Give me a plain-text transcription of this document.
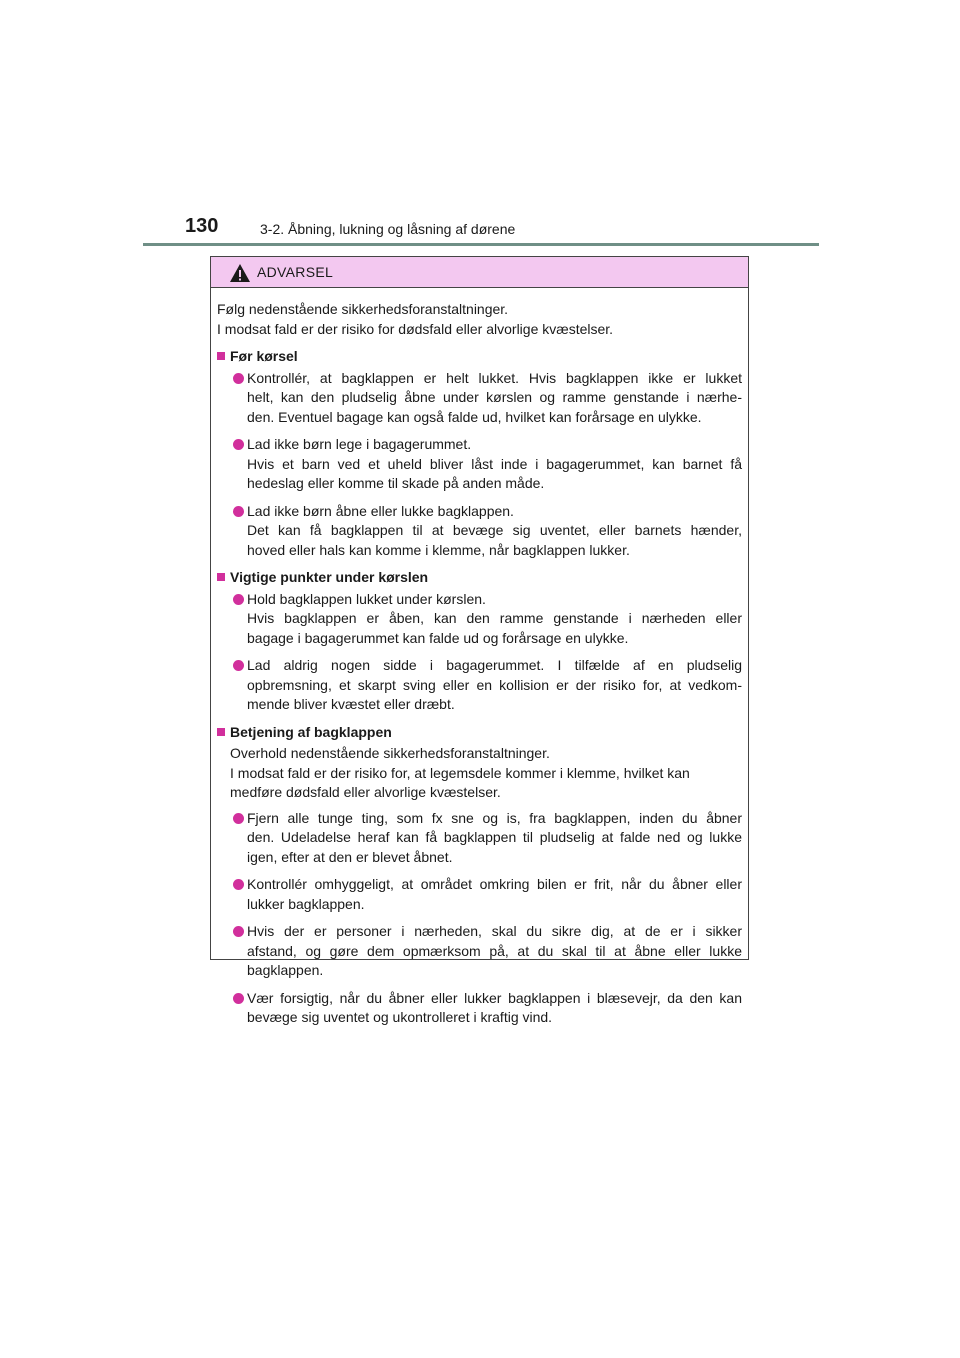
130	3-2. Åbning, lukning og låsning af dørene
ADVARSEL
Følg nedenstående sikkerhedsforanstaltninger.
I modsat fald er der risiko for dødsfald eller alvorlige kvæstelser.
Før kørsel
Kontrollér, at bagklappen er helt lukket. Hvis bagklappen ikke er lukket
helt, kan den pludselig åbne under kørslen og ramme genstande i nærhe-
den. Eventuel bagage kan også falde ud, hvilket kan forårsage en ulykke.
Lad ikke børn lege i bagagerummet.
Hvis et barn ved et uheld bliver låst inde i bagagerummet, kan barnet få
hedeslag eller komme til skade på anden måde.
Lad ikke børn åbne eller lukke bagklappen.
Det kan få bagklappen til at bevæge sig uventet, eller barnets hænder,
hoved eller hals kan komme i klemme, når bagklappen lukker.
Vigtige punkter under kørslen
Hold bagklappen lukket under kørslen.
Hvis bagklappen er åben, kan den ramme genstande i nærheden eller
bagage i bagagerummet kan falde ud og forårsage en ulykke.
Lad aldrig nogen sidde i bagagerummet. I tilfælde af en pludselig
opbremsning, et skarpt sving eller en kollision er der risiko for, at vedkom-
mende bliver kvæstet eller dræbt.
Betjening af bagklappen
Overhold nedenstående sikkerhedsforanstaltninger.
I modsat fald er der risiko for, at legemsdele kommer i klemme, hvilket kan
medføre dødsfald eller alvorlige kvæstelser.
Fjern alle tunge ting, som fx sne og is, fra bagklappen, inden du åbner
den. Udeladelse heraf kan få bagklappen til pludselig at falde ned og lukke
igen, efter at den er blevet åbnet.
Kontrollér omhyggeligt, at området omkring bilen er frit, når du åbner eller
lukker bagklappen.
Hvis der er personer i nærheden, skal du sikre dig, at de er i sikker
afstand, og gøre dem opmærksom på, at du skal til at åbne eller lukke
bagklappen.
Vær forsigtig, når du åbner eller lukker bagklappen i blæsevejr, da den kan
bevæge sig uventet og ukontrolleret i kraftig vind.
